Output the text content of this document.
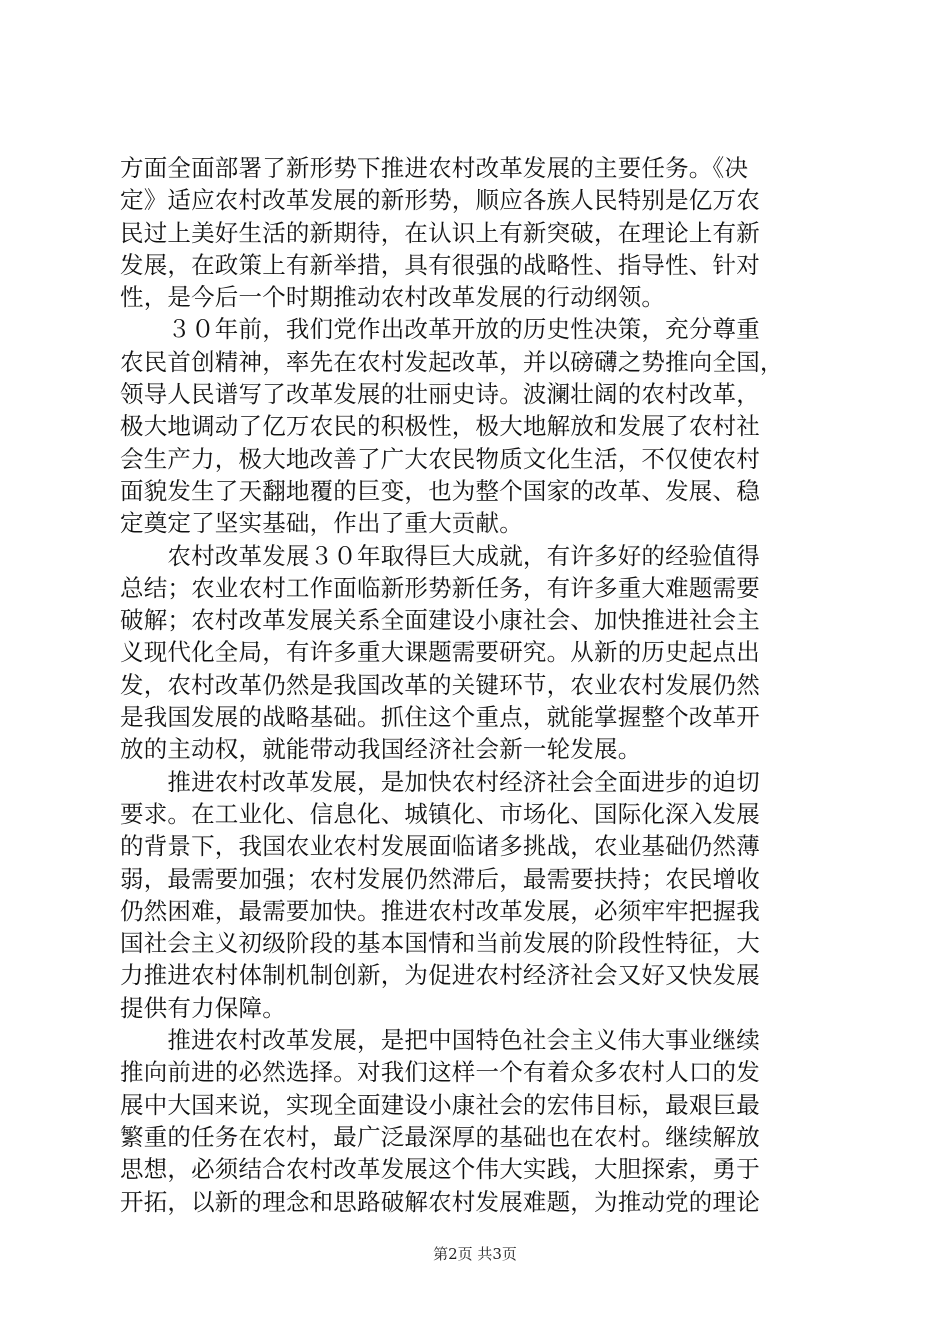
方面全面部署了新形势下推进农村改革发展的主要任务。《决
定》适应农村改革发展的新形势，顺应各族人民特别是亿万农
民过上美好生活的新期待，在认识上有新突破，在理论上有新
发展，在政策上有新举措，具有很强的战略性、指导性、针对
性，是今后一个时期推动农村改革发展的行动纲领。
　　３０年前，我们党作出改革开放的历史性决策，充分尊重
农民首创精神，率先在农村发起改革，并以磅礴之势推向全国，
领导人民谱写了改革发展的壮丽史诗。波澜壮阔的农村改革，
极大地调动了亿万农民的积极性，极大地解放和发展了农村社
会生产力，极大地改善了广大农民物质文化生活，不仅使农村
面貌发生了天翻地覆的巨变，也为整个国家的改革、发展、稳
定奠定了坚实基础，作出了重大贡献。
　　农村改革发展３０年取得巨大成就，有许多好的经验值得
总结；农业农村工作面临新形势新任务，有许多重大难题需要
破解；农村改革发展关系全面建设小康社会、加快推进社会主
义现代化全局，有许多重大课题需要研究。从新的历史起点出
发，农村改革仍然是我国改革的关键环节，农业农村发展仍然
是我国发展的战略基础。抓住这个重点，就能掌握整个改革开
放的主动权，就能带动我国经济社会新一轮发展。
　　推进农村改革发展，是加快农村经济社会全面进步的迫切
要求。在工业化、信息化、城镇化、市场化、国际化深入发展
的背景下，我国农业农村发展面临诸多挑战，农业基础仍然薄
弱，最需要加强；农村发展仍然滞后，最需要扶持；农民增收
仍然困难，最需要加快。推进农村改革发展，必须牢牢把握我
国社会主义初级阶段的基本国情和当前发展的阶段性特征，大
力推进农村体制机制创新，为促进农村经济社会又好又快发展
提供有力保障。
　　推进农村改革发展，是把中国特色社会主义伟大事业继续
推向前进的必然选择。对我们这样一个有着众多农村人口的发
展中大国来说，实现全面建设小康社会的宏伟目标，最艰巨最
繁重的任务在农村，最广泛最深厚的基础也在农村。继续解放
思想，必须结合农村改革发展这个伟大实践，大胆探索，勇于
开拓，以新的理念和思路破解农村发展难题，为推动党的理论
第2页 共3页
